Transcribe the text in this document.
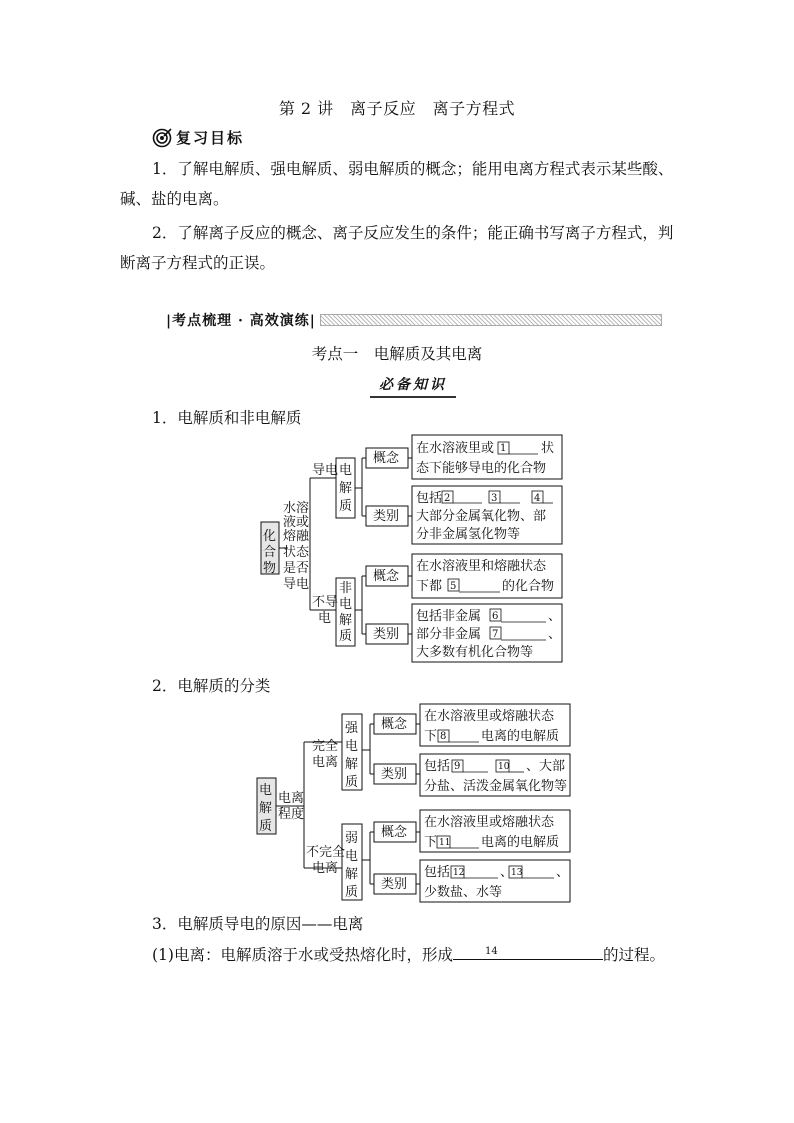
第 2 讲　离子反应　离子方程式
复习目标
1．了解电解质、强电解质、弱电解质的概念；能用电离方程式表示某些酸、碱、盐的电离。
2．了解离子反应的概念、离子反应发生的条件；能正确书写离子方程式，判断离子方程式的正误。
|考点梳理 · 高效演练|
考点一　电解质及其电离
必备知识
1．电解质和非电解质
化
合
物
水溶
液或
熔融
状态
是否
导电
导电
不导
电
电
解
质
非
电
解
质
概念
类别
概念
类别
在水溶液里或 1	状
态下能够导电的化合物
包括 2	3	4
大部分金属氧化物、部
分非金属氢化物等
在水溶液里和熔融状态
下都 5	的化合物
包括非金属 6	、
部分非金属 7	、
大多数有机化合物等
2．电解质的分类
电
解
质
电离
程度
完全
电离
不完全
电离
强
电
解
质
弱
电
解
质
概念
类别
概念
类别
在水溶液里或熔融状态
下 8	电离的电解质
包括 9	10 、大部
分盐、活泼金属氧化物等
在水溶液里或熔融状态
下 11 电离的电解质
包括 12	13
、	、
少数盐、水等
3．电解质导电的原因——电离
(1)电离：电解质溶于水或受热熔化时，形成	14	的过程。
